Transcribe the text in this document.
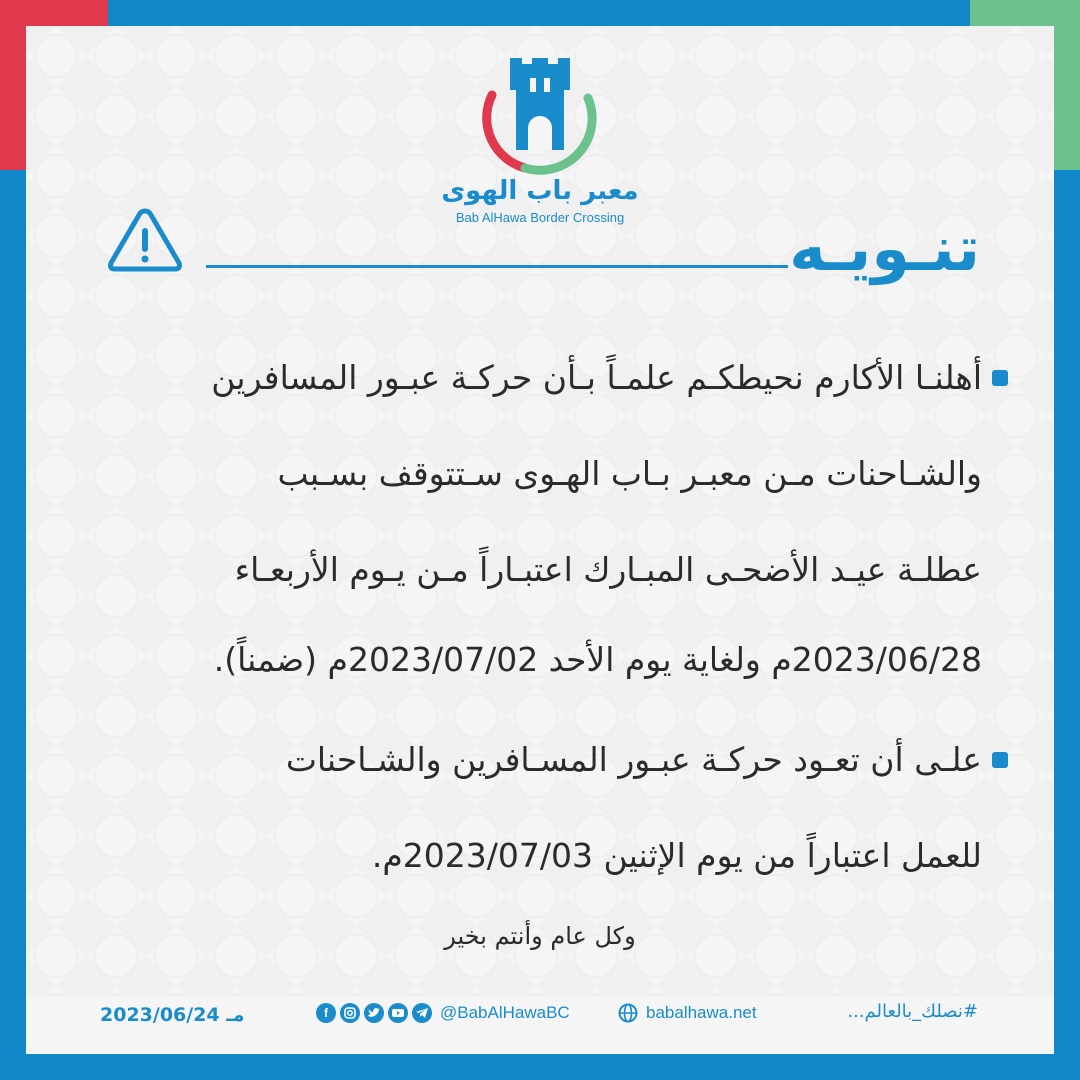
معبر باب الهوى
Bab AlHawa Border Crossing	تنـويـه
أهلنـا الأكارم نحيطكـم علمـاً بـأن حركـة عبـور المسافرين
والشـاحنات مـن معبـر بـاب الهـوى سـتتوقف بسـبب
عطلـة عيـد الأضحـى المبـارك اعتبـاراً مـن يـوم الأربعـاء
2023/06/28م ولغاية يوم الأحد 2023/07/02م (ضمناً).
علـى أن تعـود حركـة عبـور المسـافرين والشـاحنات
للعمل اعتباراً من يوم الإثنين 2023/07/03م.
وكل عام وأنتم بخير
2023/06/24 مـ	f	@BabAlHawaBC	babalhawa.net	#نصلك_بالعالم...
